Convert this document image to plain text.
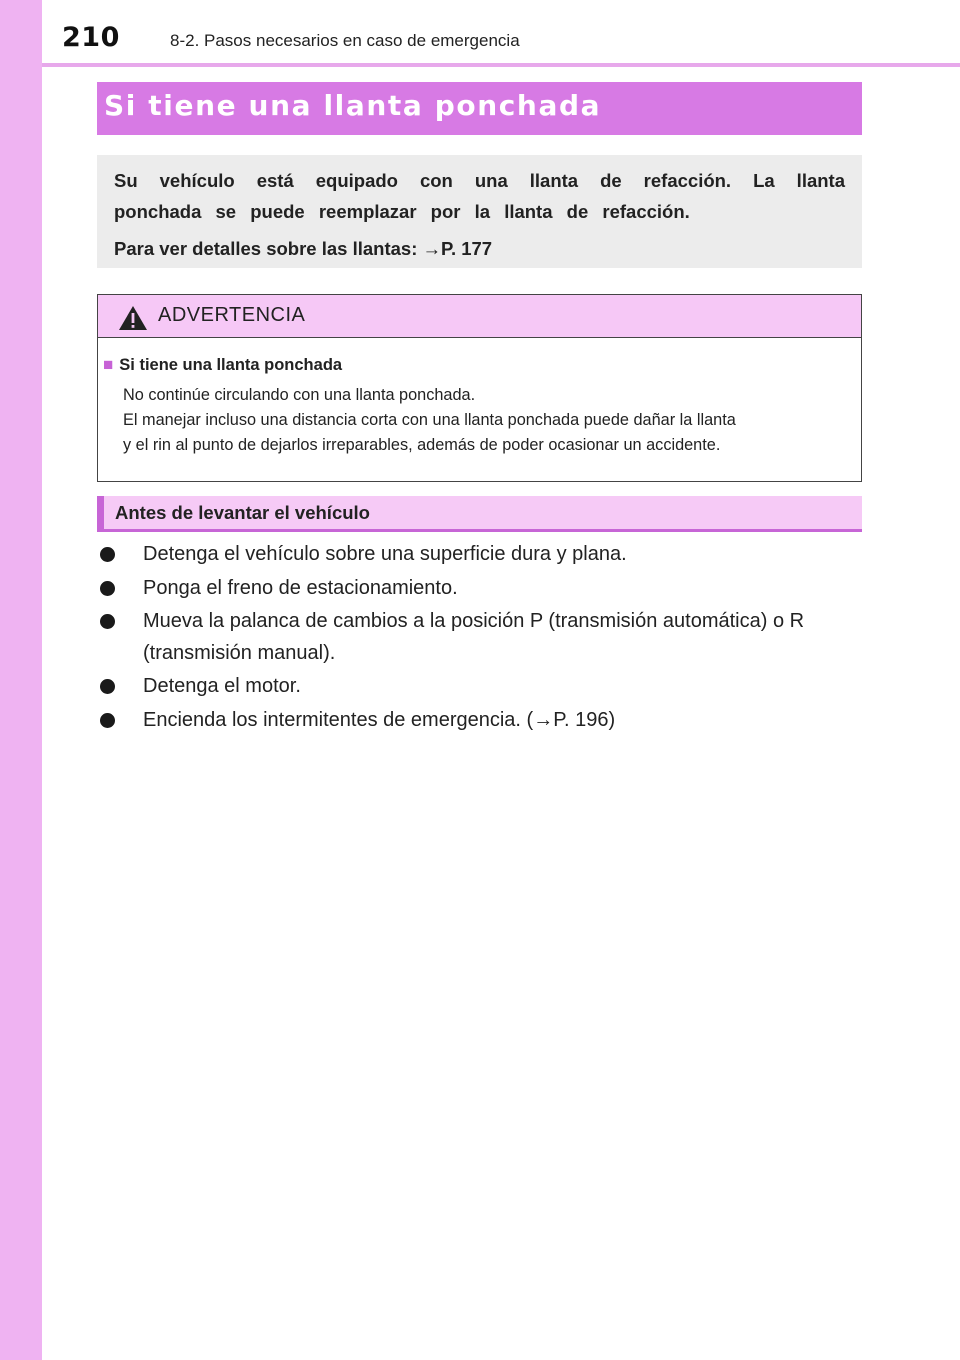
210	8-2. Pasos necesarios en caso de emergencia
Si tiene una llanta ponchada

Su vehículo está equipado con una llanta de refacción. La llanta ponchada se puede reemplazar por la llanta de refacción.

Para ver detalles sobre las llantas: →P. 177

ADVERTENCIA
■ Si tiene una llanta ponchada
No continúe circulando con una llanta ponchada.
El manejar incluso una distancia corta con una llanta ponchada puede dañar la llanta
y el rin al punto de dejarlos irreparables, además de poder ocasionar un accidente.
Antes de levantar el vehículo
Detenga el vehículo sobre una superficie dura y plana.
Ponga el freno de estacionamiento.
Mueva la palanca de cambios a la posición P (transmisión automática) o R (transmisión manual).
Detenga el motor.
Encienda los intermitentes de emergencia. (→P. 196)
